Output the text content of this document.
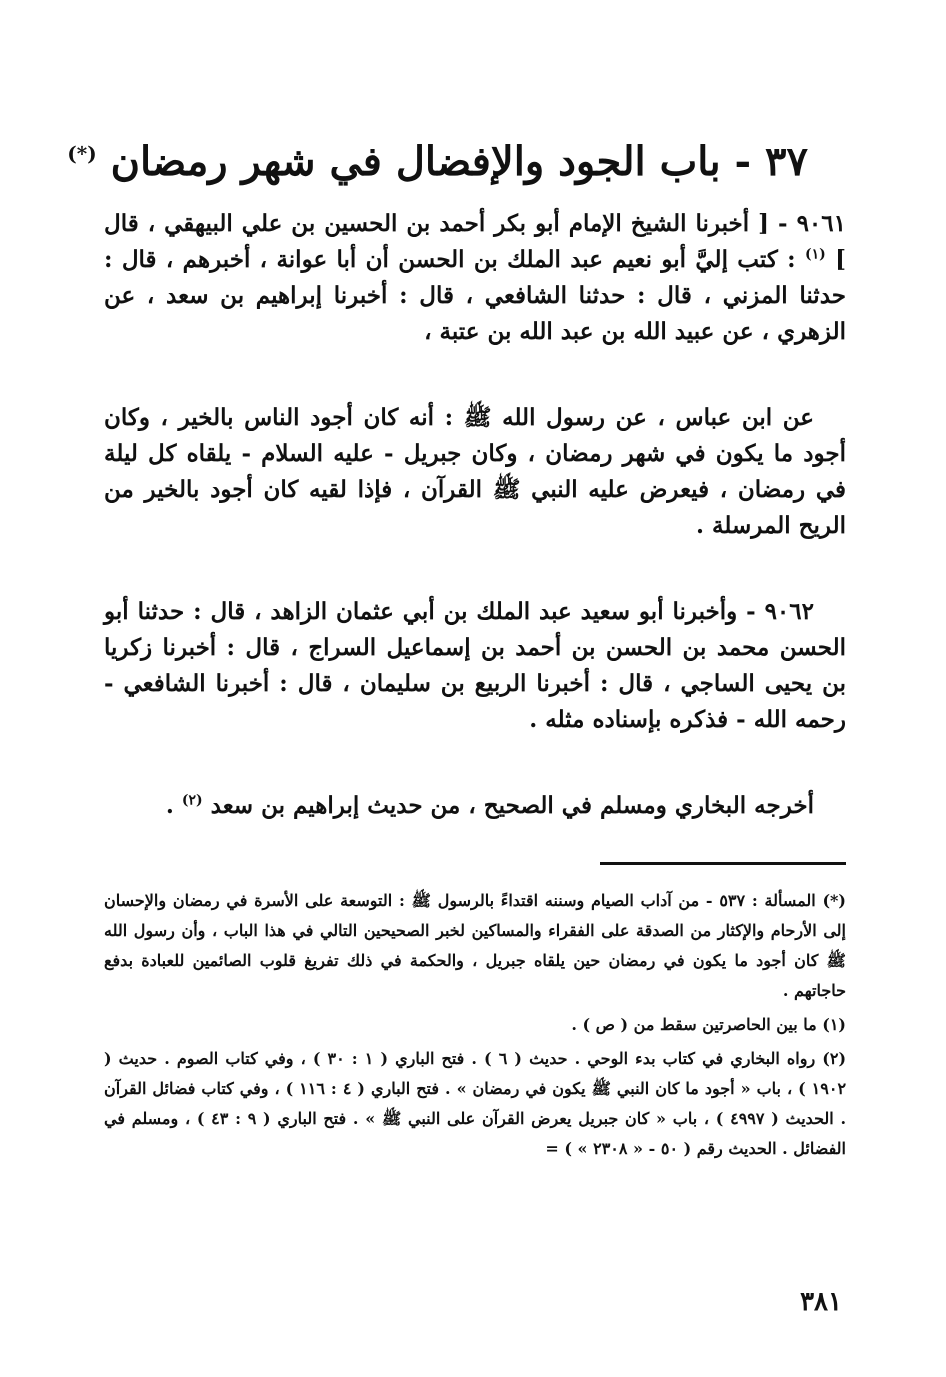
٣٧ - باب الجود والإفضال في شهر رمضان (*)

٩٠٦١ - [ أخبرنا الشيخ الإمام أبو بكر أحمد بن الحسين بن علي البيهقي ، قال ] $^{(١)}$ : كتب إليَّ أبو نعيم عبد الملك بن الحسن أن أبا عوانة ، أخبرهم ، قال : حدثنا المزني ، قال : حدثنا الشافعي ، قال : أخبرنا إبراهيم بن سعد ، عن الزهري ، عن عبيد الله بن عبد الله بن عتبة ،

عن ابن عباس ، عن رسول الله ﷺ : أنه كان أجود الناس بالخير ، وكان أجود ما يكون في شهر رمضان ، وكان جبريل - عليه السلام - يلقاه كل ليلة في رمضان ، فيعرض عليه النبي ﷺ القرآن ، فإذا لقيه كان أجود بالخير من الريح المرسلة .

٩٠٦٢ - وأخبرنا أبو سعيد عبد الملك بن أبي عثمان الزاهد ، قال : حدثنا أبو الحسن محمد بن الحسن بن أحمد بن إسماعيل السراج ، قال : أخبرنا زكريا بن يحيى الساجي ، قال : أخبرنا الربيع بن سليمان ، قال : أخبرنا الشافعي - رحمه الله - فذكره بإسناده مثله .

أخرجه البخاري ومسلم في الصحيح ، من حديث إبراهيم بن سعد $^{(٢)}$ .

(*) المسألة : ٥٣٧ - من آداب الصيام وسننه اقتداءً بالرسول ﷺ : التوسعة على الأسرة في رمضان والإحسان إلى الأرحام والإكثار من الصدقة على الفقراء والمساكين لخبر الصحيحين التالي في هذا الباب ، وأن رسول الله ﷺ كان أجود ما يكون في رمضان حين يلقاه جبريل ، والحكمة في ذلك تفريغ قلوب الصائمين للعبادة بدفع حاجاتهم .

(١) ما بين الحاصرتين سقط من ( ص ) .

(٢) رواه البخاري في كتاب بدء الوحي . حديث ( ٦ ) . فتح الباري ( ١ : ٣٠ ) ، وفي كتاب الصوم . حديث ( ١٩٠٢ ) ، باب « أجود ما كان النبي ﷺ يكون في رمضان » . فتح الباري ( ٤ : ١١٦ ) ، وفي كتاب فضائل القرآن . الحديث ( ٤٩٩٧ ) ، باب « كان جبريل يعرض القرآن على النبي ﷺ » . فتح الباري ( ٩ : ٤٣ ) ، ومسلم في الفضائل . الحديث رقم ( ٥٠ - « ٢٣٠٨ » ) =

٣٨١
